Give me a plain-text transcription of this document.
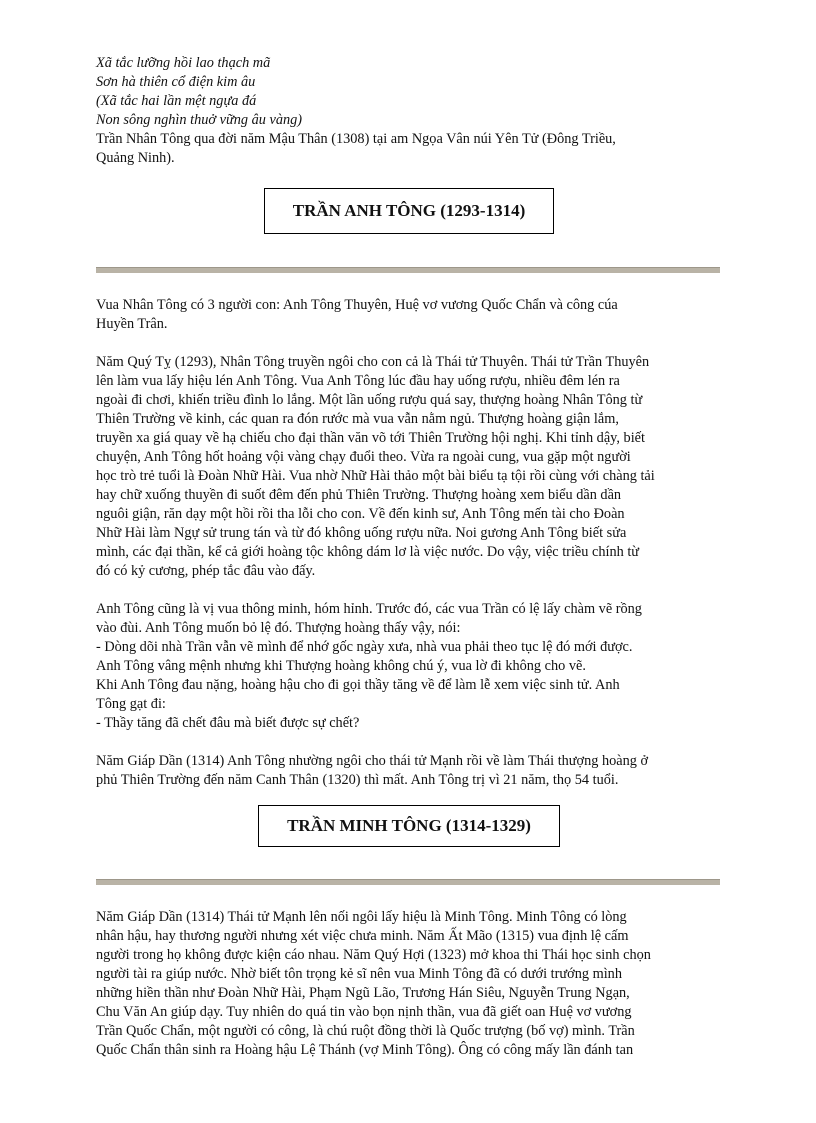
Xã tắc lưỡng hồi lao thạch mã
Sơn hà thiên cổ điện kim âu
(Xã tắc hai lần mệt ngựa đá
Non sông nghìn thuở vững âu vàng)
Trần Nhân Tông qua đời năm Mậu Thân (1308) tại am Ngọa Vân núi Yên Tử (Đông Triều,
Quảng Ninh).
TRẦN ANH TÔNG (1293-1314)
Vua Nhân Tông có 3 người con: Anh Tông Thuyên, Huệ vơ vương Quốc Chẩn và công cúa
Huyền Trân.
Năm Quý Tỵ (1293), Nhân Tông truyền ngôi cho con cả là Thái tử Thuyên. Thái tử Trần Thuyên
lên làm vua lấy hiệu lén Anh Tông. Vua Anh Tông lúc đầu hay uống rượu, nhiều đêm lén ra
ngoài đi chơi, khiến triều đình lo lắng. Một lần uống rượu quá say, thượng hoàng Nhân Tông từ
Thiên Trường về kinh, các quan ra đón rước mà vua vẫn nằm ngủ. Thượng hoàng giận lắm,
truyền xa giá quay về hạ chiếu cho đại thần văn võ tới Thiên Trường hội nghị. Khi tỉnh dậy, biết
chuyện, Anh Tông hốt hoảng vội vàng chạy đuổi theo. Vừa ra ngoài cung, vua gặp một người
học trò trẻ tuổi là Đoàn Nhữ Hài. Vua nhờ Nhữ Hài thảo một bài biểu tạ tội rồi cùng với chàng tải
hay chữ xuống thuyền đi suốt đêm đến phủ Thiên Trường. Thượng hoàng xem biểu dần dần
nguôi giận, răn dạy một hồi rồi tha lỗi cho con. Về đến kinh sư, Anh Tông mến tài cho Đoàn
Nhữ Hài làm Ngự sử trung tán và từ đó không uống rượu nữa. Noi gương Anh Tông biết sửa
mình, các đại thần, kể cả giới hoàng tộc không dám lơ là việc nước. Do vậy, việc triều chính từ
đó có kỷ cương, phép tắc đâu vào đấy.
Anh Tông cũng là vị vua thông minh, hóm hỉnh. Trước đó, các vua Trần có lệ lấy chàm vẽ rồng
vào đùi. Anh Tông muốn bỏ lệ đó. Thượng hoàng thấy vậy, nói:
- Dòng dõi nhà Trần vẫn vẽ mình để nhớ gốc ngày xưa, nhà vua phải theo tục lệ đó mới được.
Anh Tông vâng mệnh nhưng khi Thượng hoàng không chú ý, vua lờ đi không cho vẽ.
Khi Anh Tông đau nặng, hoàng hậu cho đi gọi thầy tăng về để làm lễ xem việc sinh tử. Anh
Tông gạt đi:
- Thầy tăng đã chết đâu mà biết được sự chết?
Năm Giáp Dần (1314) Anh Tông nhường ngôi cho thái tử Mạnh rồi về làm Thái thượng hoàng ở
phủ Thiên Trường đến năm Canh Thân (1320) thì mất. Anh Tông trị vì 21 năm, thọ 54 tuổi.
TRẦN MINH TÔNG (1314-1329)
Năm Giáp Dần (1314) Thái tử Mạnh lên nối ngôi lấy hiệu là Minh Tông. Minh Tông có lòng
nhân hậu, hay thương người nhưng xét việc chưa minh. Năm Ất Mão (1315) vua định lệ cấm
người trong họ không được kiện cáo nhau. Năm Quý Hợi (1323) mở khoa thi Thái học sinh chọn
người tài ra giúp nước. Nhờ biết tôn trọng kẻ sĩ nên vua Minh Tông đã có dưới trướng mình
những hiền thần như Đoàn Nhữ Hài, Phạm Ngũ Lão, Trương Hán Siêu, Nguyễn Trung Ngạn,
Chu Văn An giúp dạy. Tuy nhiên do quá tin vào bọn nịnh thần, vua đã giết oan Huệ vơ vương
Trần Quốc Chẩn, một người có công, là chú ruột đồng thời là Quốc trượng (bố vợ) mình. Trần
Quốc Chẩn thân sinh ra Hoàng hậu Lệ Thánh (vợ Minh Tông). Ông có công mấy lần đánh tan
